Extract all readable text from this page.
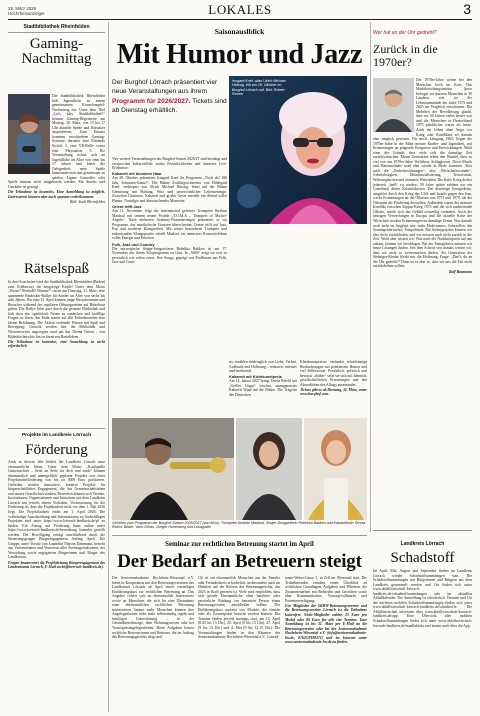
28. März 2026
Hochrheinanzeiger	LOKALES	3
Stadtbibliothek Rheinfelden
Gaming-
Nachmittag

Die Stadtbibliothek Rheinfelden lädt Jugendliche zu einem gemeinsamen Konsolenspiel-Nachmittag ein. Unter dem Titel „Let's play Stadtbibliothek!“ können Gaming-Begeisterte am Montag, 30. März, von 15 bis 17 Uhr aktuelle Spiele und Klassiker ausprobieren. Zum Einsatz kommen verschiedene Gaming-Systeme, darunter eine Nintendo Switch 2, eine VR-Brille sowie eine Playstation 5. Die Veranstaltung richtet sich an Jugendliche im Alter von zehn bis 17 Jahren und bietet die Gelegenheit, neue Spiele kennenzulernen und gemeinsam zu spielen. Eigene Controller oder Spiele müssen nicht mitgebracht werden. Für Snacks und Getränke ist gesorgt.

Die Teilnahme ist kostenlos. Eine Anmeldung ist möglich. Interessierte können aber auch spontan vorbeikommen.

Bild: Stadt Rheinfelden

Rätselspaß

In den Osterferien wird die Stadtbibliothek Rheinfelden (Baden) zum Erlebnisort für neugierige Köpfe! Unter dem Motto „Wieso? Weshalb? Warum?“ startet am Dienstag, 31. März, eine spannende Entdecker-Rallye für Kinder im Alter von sechs bis acht Jahren. Bis zum 11. April können junge Besucherinnen und Besucher während der regulären Öffnungszeiten auf Rätseltour gehen. Die Rallye führt quer durch die gesamte Bibliothek und lädt dazu ein, spielerisch Neues zu entdecken und knifflige Fragen zu lösen. Am Ende wartet auf alle Teilnehmenden eine kleine Belohnung. Die Aktion verbindet Wissen mit Spaß und Bewegung: Gesucht werden hier die Bibliothek und Wissenswertes angeregten rund um das Thema Ostern – von Bilderbüchern bis hin zu kreativen Bastelideen.

Die Teilnahme ist kostenlos, eine Anmeldung ist nicht erforderlich.

Projekte im Landkreis Lörrach
Förderung

Auch in diesem Jahr fördert der Landkreis Lörrach neue ehrenamtliche Ideen. Unter dem Motto „Kraftquelle Gemeinschaft – Seite an Seite für dich und mich“ können ehrenamtlich und unentgeltlich geplante Projekte von einer Projektmittelförderung von bis zu 3000 Euro profitieren. Gefördert werden innovative, kreative Projekte für bürgerschaftliches Engagement, die das Gemeinschaftsleben und unsere Gesellschaft stärken. Bewerben können sich Vereine, Institutionen, Organisationen und Initiativen aus dem Landkreis Lörrach mit jeweils einem Vorhaben. Voraussetzung für die Förderung ist, dass die Projektarbeit nicht vor dem 1. Mai 2026 liegt. Die Projektlaufzeit endet am 1. April 2026. Die vollständige Ausschreibung und Informationen zu förderfähigen Projekten sind unter https://www.loerrach-landkreis.de/pf zu finden. Ein Antrag auf Förderung kann online unter https://www.loerrach-landkreis.de/bewerbung formular gestellt werden. Der Bewilligung erfolgt anschließend durch die Steuerungsgruppe Bürgerengagement Anfang April. Die Gruppe, unter Vorsitz von Landrätin Marion Dammann, besteht aus Vertreterinnen und Vertretern aller Kreistagsfraktionen, der Verwaltung sowie engagierten Bürgerinnen und Bürger des Landkreises.

Fragen beantwortet die Projektleitung Bürgerengagement des Landratsamts Lörrach, E-Mail an be@loerrach-landkreis.de).

Saisonauslblick
Mit Humor und Jazz
Der Burghof Lörrach präsentiert vier neue Veranstaltungen aus ihrem Programm für 2026/2027. Tickets sind ab Dienstag erhältlich.
Irmgard Knef, alias Ulrich Michael Heissig, tritt am 29. Oktober im Burghof Lörrach auf. Bild: Robert Recker

Vier weitere Veranstaltungen der Burghof-Saison 2026/27 sind bestätigt und versprechen kulturvielfalt: starke Persönlichkeiten und intensive Live-Erlebnisse.

Kabarett mit blondem Haar

Am 29. Oktober präsentiert Irmgard Knef ihr Programm „Noch da! 100 Jahr, Schnuten-Glanz!“. Die Bühne Zwillingsschwester von Hildegard Knef, verkörpert von Ulrich Michael Heissig, feiert auf der Bühne Geburtstag mit Haltung, Witz und unverwüstlicher Lebensenergie. Zwischen Chansons, Kabarett und großer Geste entsteht ein Abend voller Humor, Nostalgie und überraschender Momente.

Orient trifft Jazz

Am 11. November folgt der international gefeierte Trompeter Ibrahim Maalouf mit seinem neuen Projekt „T.O.M.A – Trumpets of Michel-Angelo“. Nach mehreren Grammy-Nominierungen präsentiert er ein Programm, das musikalische Grenzen überschreitet: Orient trifft auf Jazz, Pop und moderne Klangwelten. Mit seiner besonderen Trompete und mikrotonalen Klangsprache schafft Maalouf ein intensives Konzerterlebnis voller Energie und Emotion.

Folk, Jazz und Country

Die norwegische Singer-Songwriterin Rebekka Bakken ist am 17. November mit ihrem Soloprogramm zu Gast. In „Wild“ zeigt sie sich so persönlich wie selten zuvor. Ihre Songs, geprägt von Einflüssen aus Folk, Jazz und Coun-

try, erzählen eindringlich von Liebe, Verlust, Aufbruch und Hoffnung – reduziert, intensiv und berührend.

Kabarett mit Kleinkunstpreis

Am 14. Januar 2027 bringt Teresa Reichl mit „Greller Ungut“ frisches, unangepasstes Kabarett Wind auf die Bühne. Die Trägerin des Deutschen

Kleinkunstpreises verbindet scharfsinnige Beobachtungen mit pointiertem Humor und viel Selbstironie. Persönlich, politisch und bewusst „drüber“ setzt sie sich mit Identität, gesellschaftlichen Erwartungen und den Absurditäten des Alltags auseinander.

Tickets gibt es ab Dienstag, 31. März, unter www.burghof.com.

Gehören zum Programm der Burghof-Saison 2026/2027 (von links): Trompeter Ibrahim Maalouf, Singer-Songwriterin Rebekka Bakken und Kabarettistin Teresa Reichl. Bilder: Yann Orhan, Gregor Hohenberg und Lukagrafie
Wer hat an der Uhr gedreht?
Zurück in die
1970er?

Die 1970er-Jahre stehen bei den Menschen hoch im Kurs. Das Marktforschungsinstitut Ipsos befragte vor kurzem Menschen in 30 Ländern, wie sie die Lebensumstände der Jahre 1975 und 2025 im Vergleich einschätzen. Die Mehrheit der Bevölkerung glaubt, dass vor 50 Jahren vieles besser war und die Menschen in Deutschland 1975 glücklicher waren als heute. Auch ein Leben ohne Angst vor Krieg oder Konflikten sei damals eher möglich gewesen. Für mich, Jahrgang 1965, liegen die 1970er-Jahre in der Mitte meiner Kinder- und Jugendzeit, mit Erinnerungen an prägende Ereignisse und Entwicklungen. Wohl einer der Gründe, dass viele sich die damalige Zeit zurückwünschen. Meine Generation erlebt den Wandel, dass zu viel von uns 1970er-Jahre Vorlieben, Schlaghosen, Disco-Musik und Plateauschuhe wohl eher wieder in Mode kommen. Aber auch die „Einheitswährungen“, also „Wirtschaftswunder“, Arbeitslosigkeit, Deindustrialisierung, Terrorismus, Währungskrisen und atomares Wettrüsten. Die Kalte Krieg drohte jederzeit „heiß“ zu werden. 50 Jahre später erleben wir ein Comeback dieser Krisenfaktoren. Die derzeitige Energiekrise, ausgelöst durch den Krieg der USA und Israels gegen den Iran, weckt Erinnerungen an die Ölkrisen von 1973 und 1979, als die Ölstaaten die Förderung drosselten. Außerdem waren der atomare Konflikt zwischen Kippur-Krieg 1973 und die sich ausbreitende Ölkrise, wurde sich das Gefühl zeitweilig verändert. Auch die heutigen Verwerfungen in Europa und die aktuelle Krise der Wirtschaft wecken Erinnerungen an damalige Zeiten. Was damals noch nicht im Angebot war: mehr Elektroautos, Solarzellen, das Sonntagsfahrverbot, Tempolimits. Die Siebzigerjahre können wir also nicht zurückholen, und wir müssen auch nicht zurück in die Zeit. Wohl aber wissen wir: Was nach der Nachkriegszeit auf uns zukam, können wir bewältigen. Bei der Energiekrise müssen wir heute Lösungen finden. Seit dem Schock von damals wissen wir, dass wir nicht so weitermachen dürfen. Als Generation der Siebziger-Kinder bleibt mir die Hoffnung. Frage: „Darf's du an der Uhr gedreht?“ Dann ist es aber so, dass wir uns die Zeit nicht zurückdrehen sollten.

Ralf Baumann

Landkreis Lörrach
Schadstoff

Im April, Mai, August und September finden im Landkreis Lörrach wieder Schadstoffsammlungen statt. Die Schadstoffsammlungen mit Bürgerinnen und Bürgern aus dem Landkreis gesammelt werden und Ort finden sich unter www.abfallwirtschaft-loerrach-landkreis.de/schadstoffsammlungen oder im aktuellen Abfallkalender. Die Anmeldung ist erforderlich. Termine und Ort der nächsten mobilen Schadstoffsammlungen finden sich unter www.abfallwirtschaft-loerrach-landkreis.de/schadstoffe. Die Abfallwirtschaft informiert über www.abfallwirtschaft-loerrach-landkreis.de/app. Eine Übersicht aller mobilen Schadstoffsammlungen findet sich unter www.abfallwirtschaft-loerrach-landkreis.de/muellabfuhr und immer auch über die App.

Seminar zur rechtlichen Betreuung startet im April
Der Bedarf an Betreuern steigt

Die Seniorenakademie Hochrhein-Wiesental e.V. bietet in Kooperation mit den Betreuungsvereinen des Landkreises Lörrach ab April einen vierteiligen Einführungskurs zur rechtlichen Betreuung an. Das Angebot richtet sich an ehrenamtlich Interessierte sowie an Menschen, die sich für eine Übernahme einer ehrenamtlichen rechtlichen Betreuung interessieren. Immer mehr Menschen können ihre Angelegenheiten nicht mehr selbstständig regeln und benötigen Unterstützung – in der Gesundheitsfürsorge, dem Wohnungswesen oder bei Vermögensangelegenheiten. Diese Aufgaben leisten rechtliche Betreuerinnen und Betreuer, die im Auftrag des Betreuungsgerichts tätig sind.

Oft ist ein ehrenamtlich Menschen aus der Familie oder Freundeskreis erforderlich, insbesondere auch im Hinblick auf die Reform des Betreuungsrechts, das 2023 in Kraft getreten ist. Viele sind empfohlen, dass sich gerade Ehrenamtliche ohne familiäre oder persönliche Bindung zur betreuten Person einen Betreuungsverein anschließen sollten. Der Einführungskurs umfasst vier Module, die einzeln oder als Gesamtpaket besucht werden können. Die Termine finden jeweils montags statt, am 13. April (8:45 bis 13 Uhr), 20. April (9 bis 13 Uhr), 27. April (9 bis 13 Uhr) und 4. Mai (9 bis 12.15 Uhr). Die Veranstaltungen finden in den Räumen der Seniorenakademie Hochrhein-Wiesental e.V., Conrad-

tanze-Weber-Gasse 1, in Zell im Wiesental statt. Die Teilnehmenden erhalten einen Überblick zu rechtlichen Grundlagen, Aufgaben und Pflichten, die Zusammenarbeit mit Behörden und Gerichten sowie über Kommunikation, Vorsorgevollmacht und Patientenverfügung.

Für Mitglieder der SKHW-Betreuungsvereine und die Betreuungsvereine Lörrach ist die Teilnahme kostenfrei. Nicht-Mitglieder zahlen 25 Euro pro Modul oder 80 Euro für alle vier Termine. Eine Anmeldung ist bis 31. März per E-Mail an die Betreuungsvereine oder bei der Seniorenakademie Hochrhein-Wiesental e.V. (info@seniorenakademie-hw.de, 07625/9188371) und im Internet unter www.seniorenakademie-hw.de zu finden.
